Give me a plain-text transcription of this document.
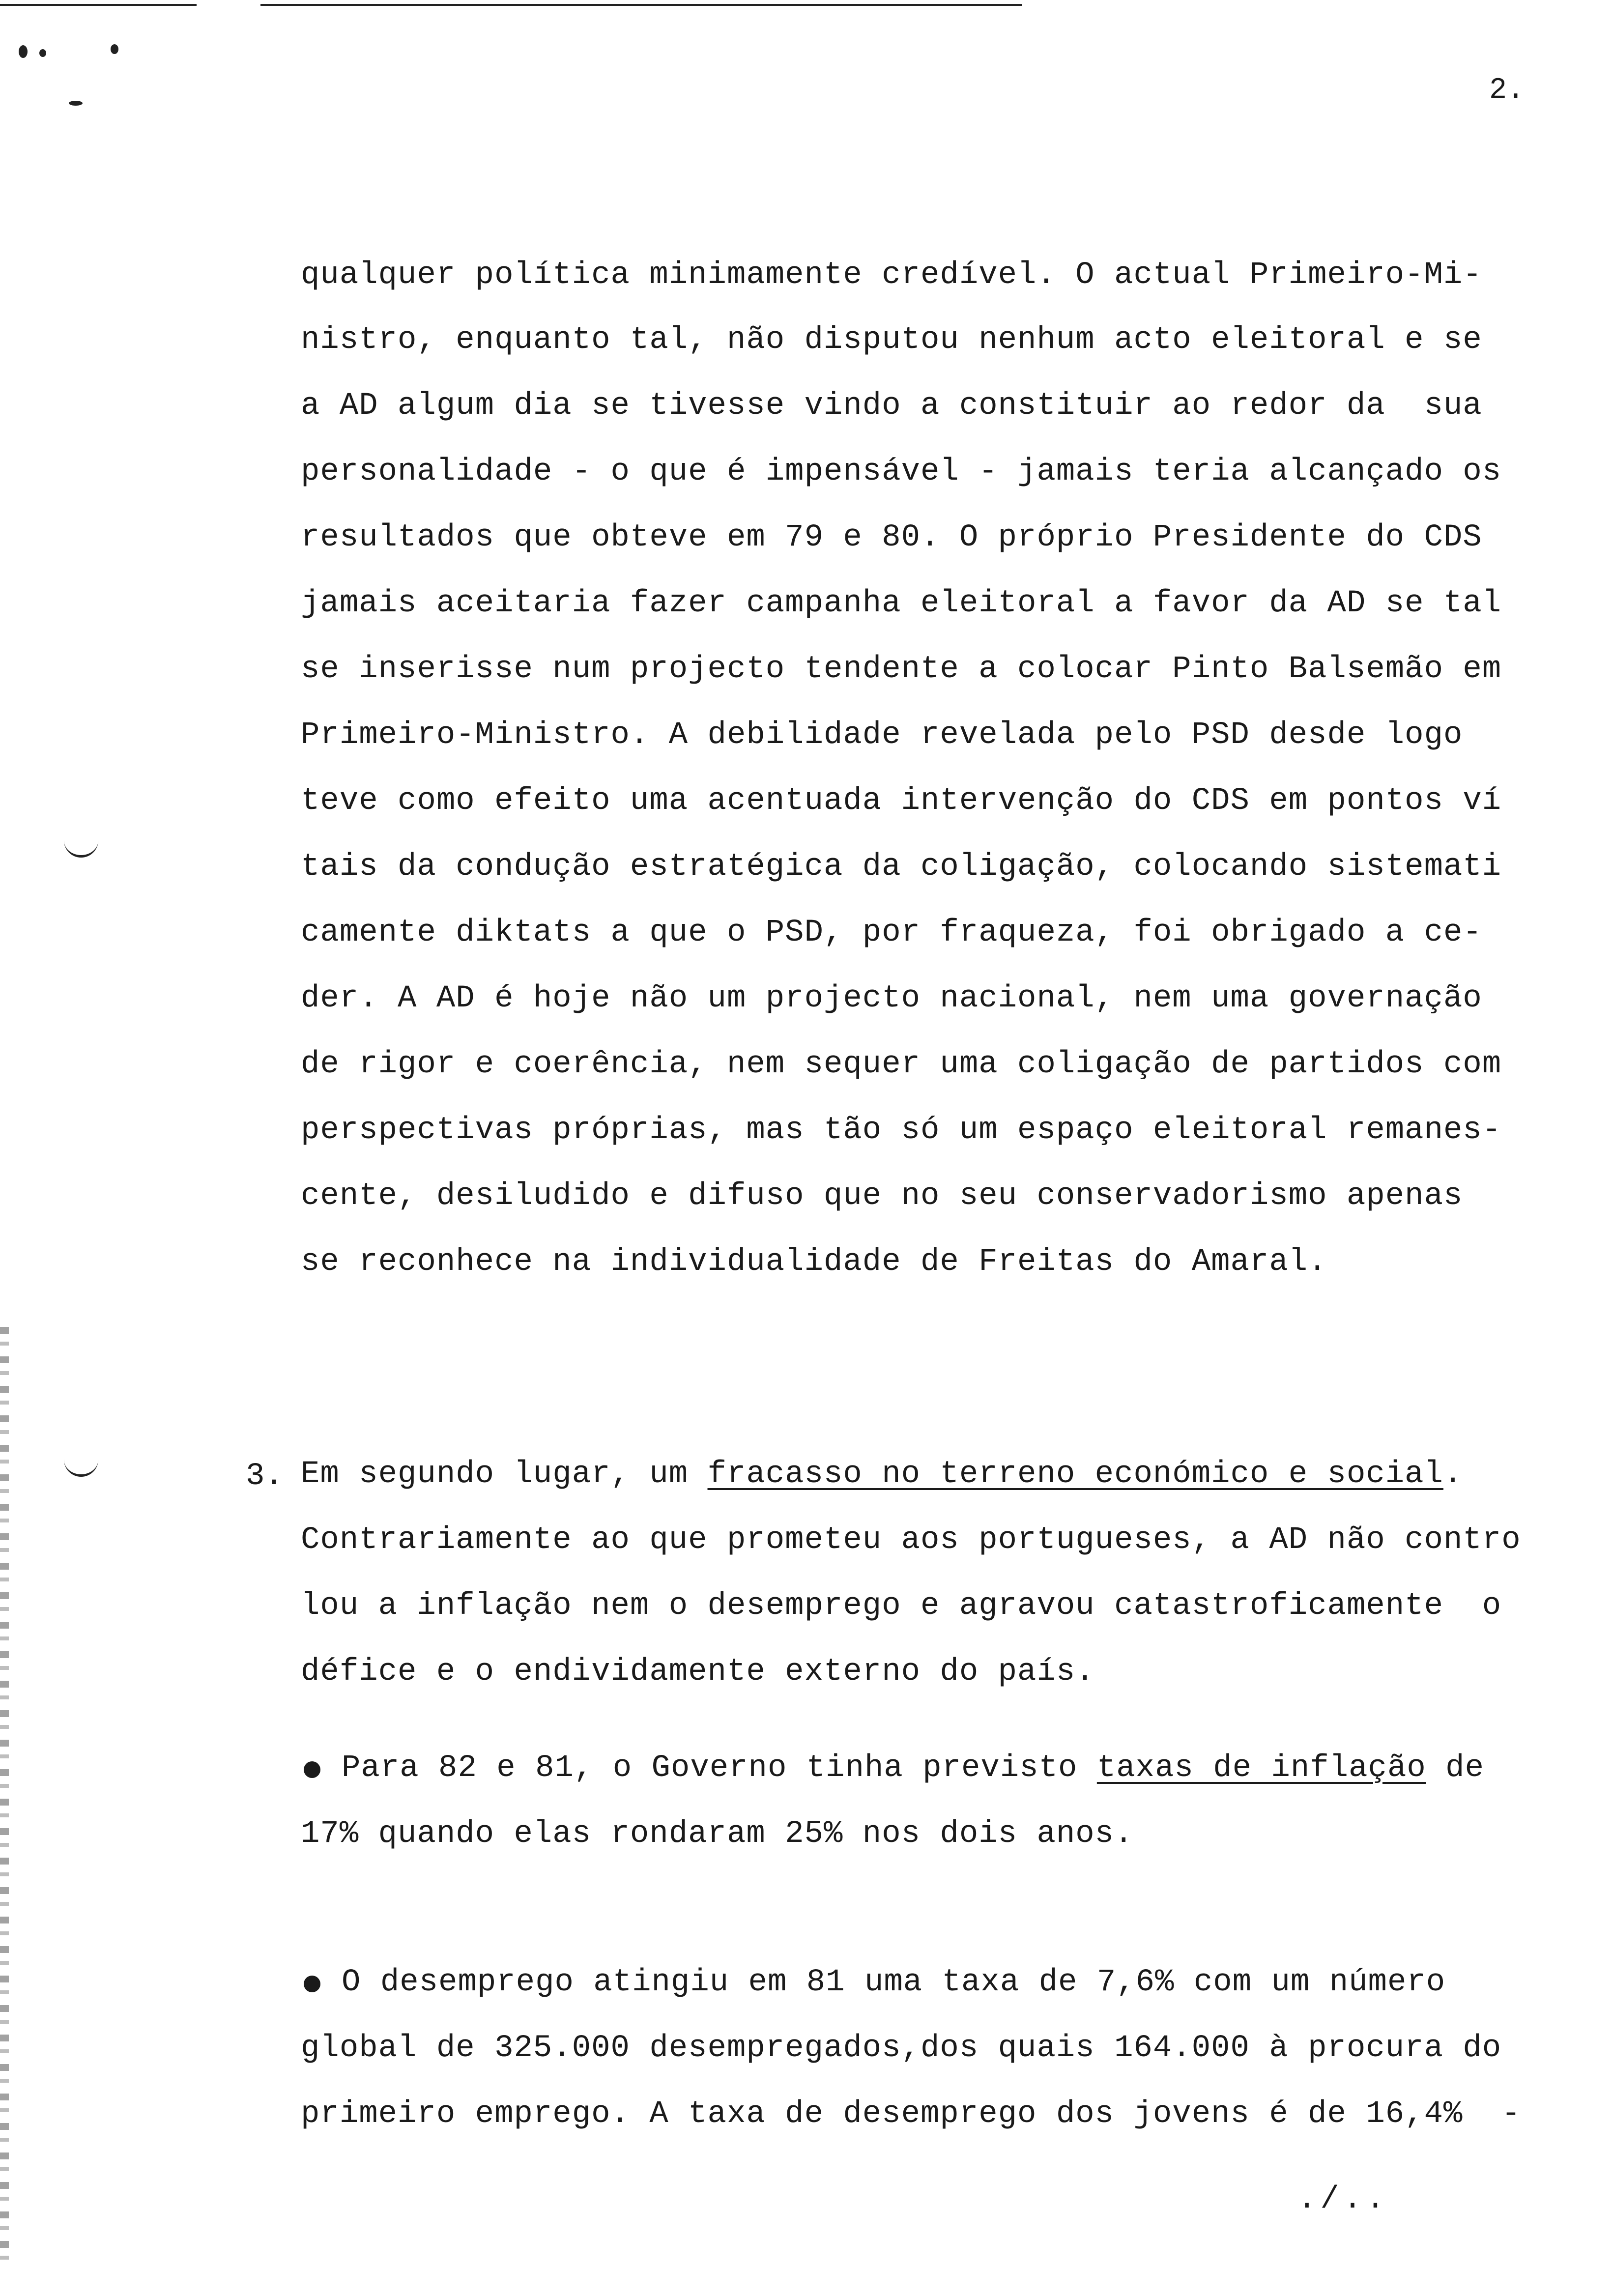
2.
qualquer política minimamente credível. O actual Primeiro-Mi-
nistro, enquanto tal, não disputou nenhum acto eleitoral e se
a AD algum dia se tivesse vindo a constituir ao redor da  sua
personalidade - o que é impensável - jamais teria alcançado os
resultados que obteve em 79 e 80. O próprio Presidente do CDS
jamais aceitaria fazer campanha eleitoral a favor da AD se tal
se inserisse num projecto tendente a colocar Pinto Balsemão em
Primeiro-Ministro. A debilidade revelada pelo PSD desde logo
teve como efeito uma acentuada intervenção do CDS em pontos ví
tais da condução estratégica da coligação, colocando sistemati
camente diktats a que o PSD, por fraqueza, foi obrigado a ce-
der. A AD é hoje não um projecto nacional, nem uma governação
de rigor e coerência, nem sequer uma coligação de partidos com
perspectivas próprias, mas tão só um espaço eleitoral remanes-
cente, desiludido e difuso que no seu conservadorismo apenas
se reconhece na individualidade de Freitas do Amaral.
3. Em segundo lugar, um fracasso no terreno económico e social.
Contrariamente ao que prometeu aos portugueses, a AD não contro
lou a inflação nem o desemprego e agravou catastroficamente  o
défice e o endividamente externo do país.
Para 82 e 81, o Governo tinha previsto taxas de inflação de
17% quando elas rondaram 25% nos dois anos.
O desemprego atingiu em 81 uma taxa de 7,6% com um número
global de 325.000 desempregados,dos quais 164.000 à procura do
primeiro emprego. A taxa de desemprego dos jovens é de 16,4%  -
./..
